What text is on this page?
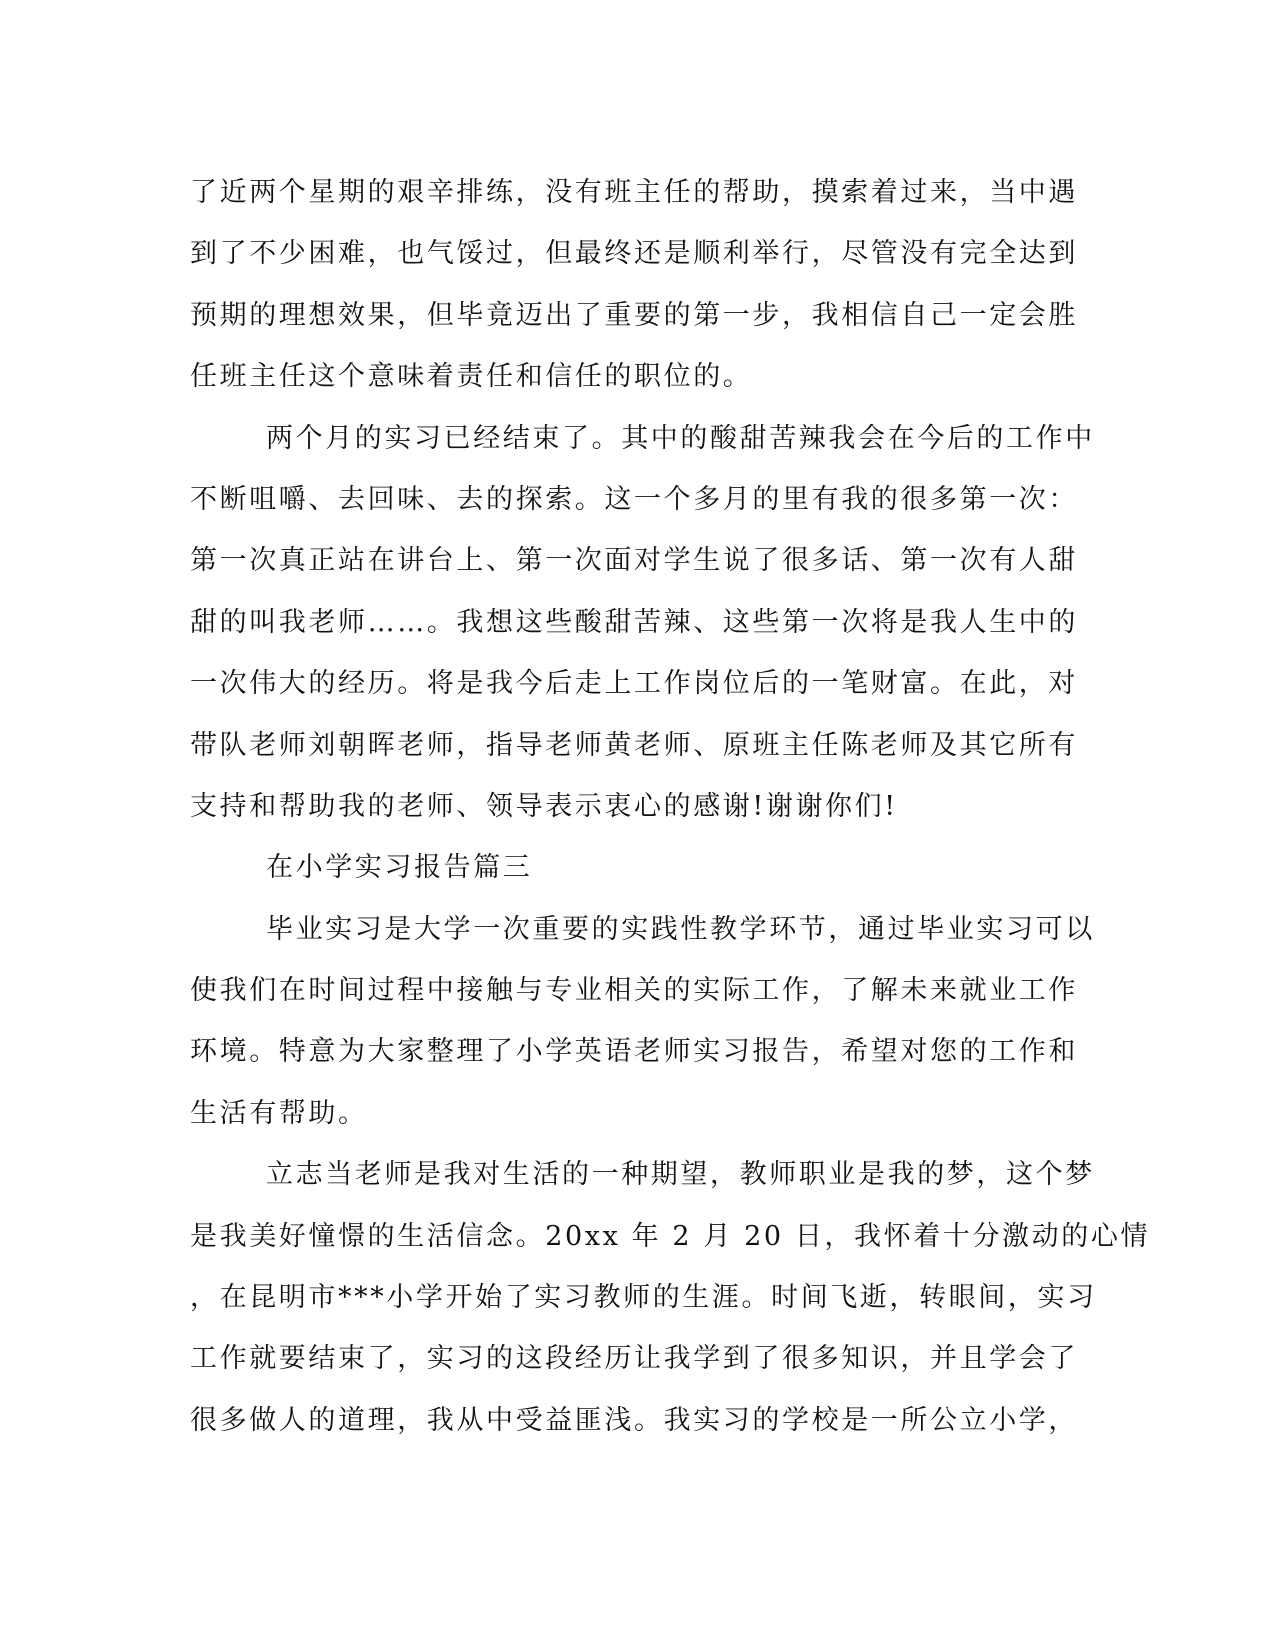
了近两个星期的艰辛排练，没有班主任的帮助，摸索着过来，当中遇
到了不少困难，也气馁过，但最终还是顺利举行，尽管没有完全达到
预期的理想效果，但毕竟迈出了重要的第一步，我相信自己一定会胜
任班主任这个意味着责任和信任的职位的。
两个月的实习已经结束了。其中的酸甜苦辣我会在今后的工作中
不断咀嚼、去回味、去的探索。这一个多月的里有我的很多第一次：
第一次真正站在讲台上、第一次面对学生说了很多话、第一次有人甜
甜的叫我老师……。我想这些酸甜苦辣、这些第一次将是我人生中的
一次伟大的经历。将是我今后走上工作岗位后的一笔财富。在此，对
带队老师刘朝晖老师，指导老师黄老师、原班主任陈老师及其它所有
支持和帮助我的老师、领导表示衷心的感谢!谢谢你们!
在小学实习报告篇三
毕业实习是大学一次重要的实践性教学环节，通过毕业实习可以
使我们在时间过程中接触与专业相关的实际工作，了解未来就业工作
环境。特意为大家整理了小学英语老师实习报告，希望对您的工作和
生活有帮助。
立志当老师是我对生活的一种期望，教师职业是我的梦，这个梦
是我美好憧憬的生活信念。20xx 年 2 月 20 日，我怀着十分激动的心情
，在昆明市***小学开始了实习教师的生涯。时间飞逝，转眼间，实习
工作就要结束了，实习的这段经历让我学到了很多知识，并且学会了
很多做人的道理，我从中受益匪浅。我实习的学校是一所公立小学，
